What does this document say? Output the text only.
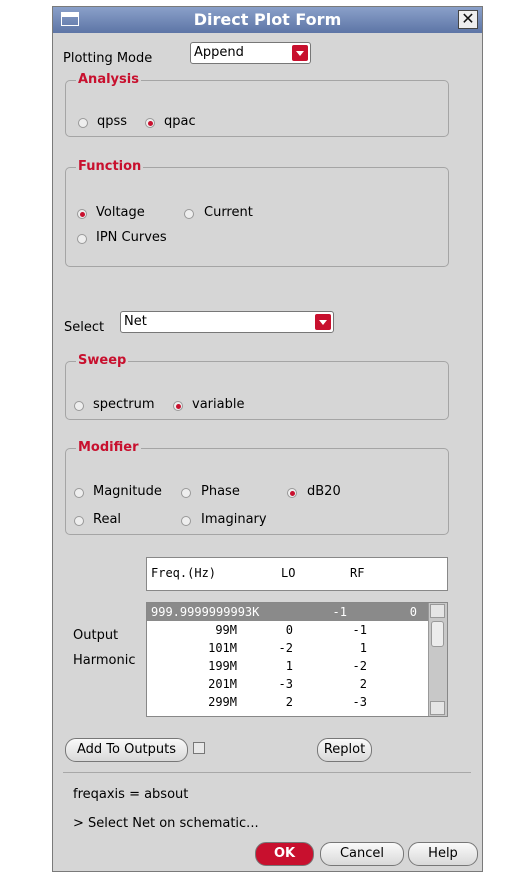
Direct Plot Form	✕
Plotting Mode	Append
Analysis
qpss	qpac
Function
Voltage	Current
IPN Curves
Select Net
Sweep
spectrum	variable
Modifier
Magnitude	Phase	dB20
Real	Imaginary
Freq.(Hz)	LO	RF
Output
Harmonic
999.9999999993K	-1	0
99M	0	-1
101M	-2	1
199M	1	-2
201M	-3	2
299M	2	-3
Add To Outputs	Replot
freqaxis = absout
> Select Net on schematic...
OK	Cancel	Help
